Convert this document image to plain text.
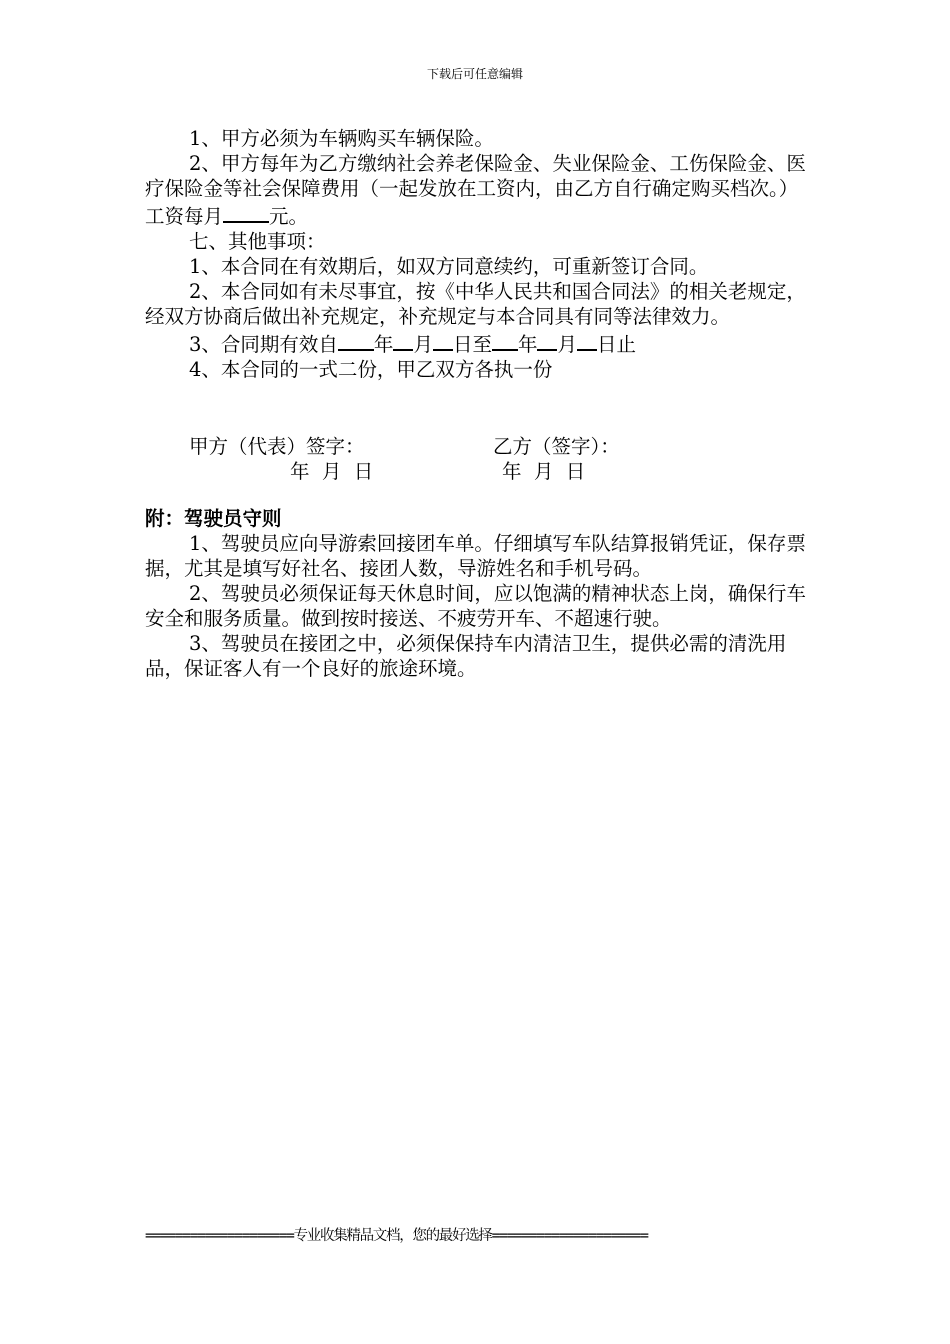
下载后可任意编辑

1、甲方必须为车辆购买车辆保险。

2、甲方每年为乙方缴纳社会养老保险金、失业保险金、工伤保险金、医疗保险金等社会保障费用（一起发放在工资内，由乙方自行确定购买档次。）工资每月 元。

七、其他事项：

1、本合同在有效期后，如双方同意续约，可重新签订合同。

2、本合同如有未尽事宜，按《中华人民共和国合同法》的相关老规定，经双方协商后做出补充规定，补充规定与本合同具有同等法律效力。

3、合同期有效自 年 月 日至 年 月 日止

4、本合同的一式二份，甲乙双方各执一份

甲方（代表）签字：	乙方（签字）：
年  月  日	年  月  日

附：驾驶员守则

1、驾驶员应向导游索回接团车单。仔细填写车队结算报销凭证，保存票据，尤其是填写好社名、接团人数，导游姓名和手机号码。

2、驾驶员必须保证每天休息时间，应以饱满的精神状态上岗，确保行车安全和服务质量。做到按时接送、不疲劳开车、不超速行驶。

3、驾驶员在接团之中，必须保保持车内清洁卫生，提供必需的清洗用品，保证客人有一个良好的旅途环境。

====================专业收集精品文档，您的最好选择=====================
